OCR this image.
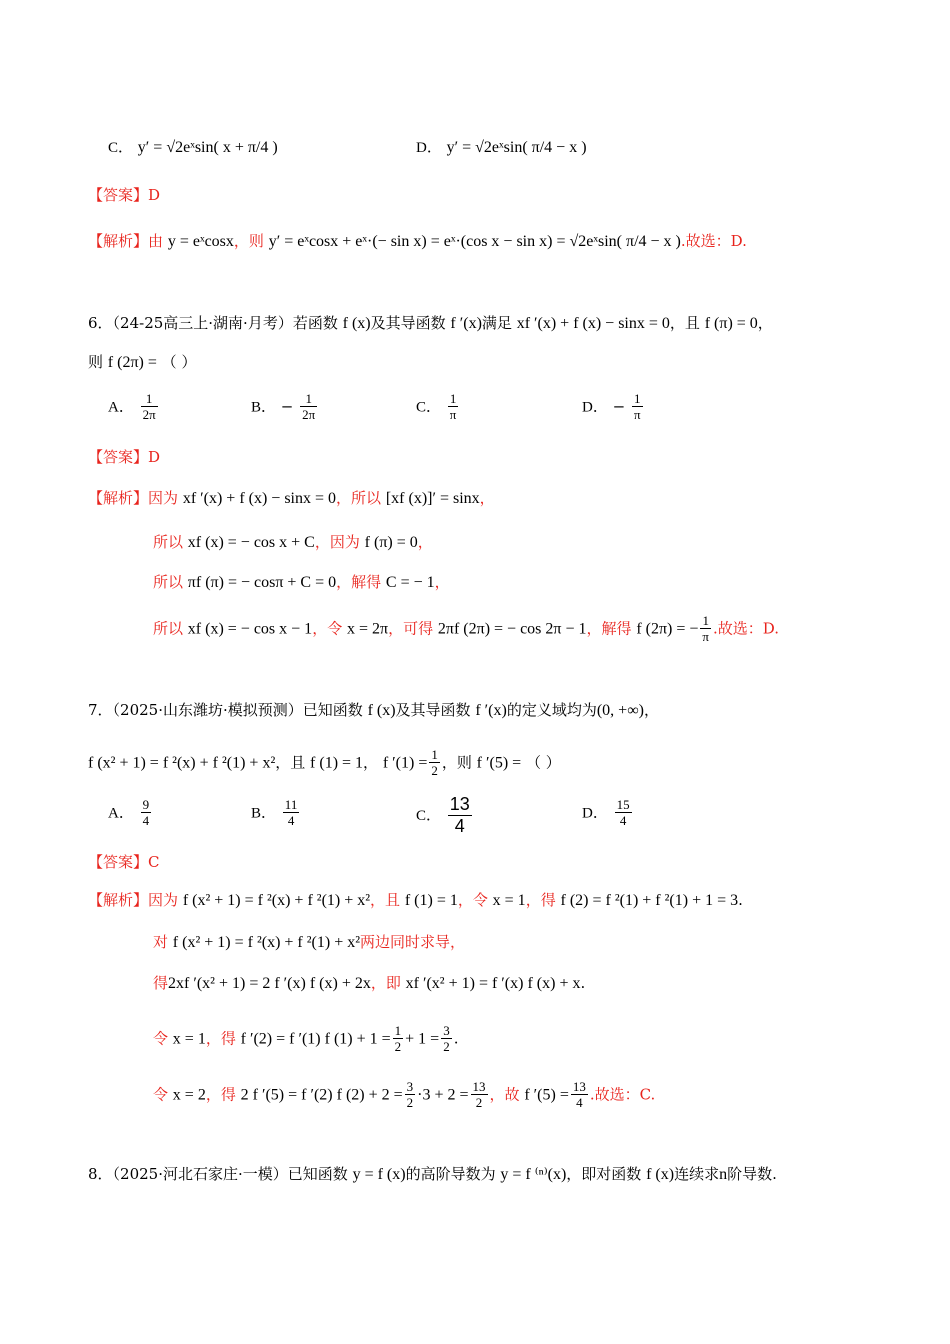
C． y′ = √2eˣsin( x + π/4 )	D． y′ = √2eˣsin( π/4 − x )
【答案】D
【解析】由 y = eˣcosx，则 y′ = eˣcosx + eˣ·(− sin x) = eˣ·(cos x − sin x) = √2eˣsin( π/4 − x ).故选：D.
6．（24-25高三上·湖南·月考）若函数 f (x)及其导函数 f ′(x)满足 xf ′(x) + f (x) − sinx = 0，且 f (π) = 0，
则 f (2π) = （ ）
A． $\frac{1}{2\pi}$	B． − $\frac{1}{2\pi}$	C． $\frac{1}{\pi}$	D． − $\frac{1}{\pi}$
【答案】D
【解析】因为 xf ′(x) + f (x) − sinx = 0，所以 [xf (x)]′ = sinx，
所以 xf (x) = − cos x + C，因为 f (π) = 0，
所以 πf (π) = − cosπ + C = 0，解得 C = − 1，
所以 xf (x) = − cos x − 1，令 x = 2π，可得 2πf (2π) = − cos 2π − 1，解得 f (2π) = − $\frac{1}{\pi}$ .故选：D.
7．（2025·山东潍坊·模拟预测）已知函数 f (x)及其导函数 f ′(x)的定义域均为(0, +∞)，
f (x² + 1) = f ²(x) + f ²(1) + x²，且 f (1) = 1， f $'(1) = \frac{1}{2}$ ，则 f ′(5) = （ ）
A． $\frac{9}{4}$	B． $\frac{11}{4}$	C． $\frac{13}{4}$	D． $\frac{15}{4}$
【答案】C
【解析】因为 f (x² + 1) = f ²(x) + f ²(1) + x²，且 f (1) = 1，令 x = 1，得 f (2) = f ²(1) + f ²(1) + 1 = 3.
对 f (x² + 1) = f ²(x) + f ²(1) + x²两边同时求导，
得2xf ′(x² + 1) = 2 f ′(x) f (x) + 2x，即 xf ′(x² + 1) = f ′(x) f (x) + x.
令 x = 1，得 f ′(2) = f ′(1) f $(1) + 1 = \frac{1}{2} + 1 = \frac{3}{2}$ .
令 x = 2，得 2 f ′(5) = f ′(2) f $(2) + 2 = \frac{3}{2} \cdot 3 + 2 = \frac{13}{2}$ ，故 f $'(5) = \frac{13}{4}$ .故选：C.
8．（2025·河北石家庄·一模）已知函数 y = f (x)的高阶导数为 y = f ⁽ⁿ⁾(x)，即对函数 f (x)连续求n阶导数.
